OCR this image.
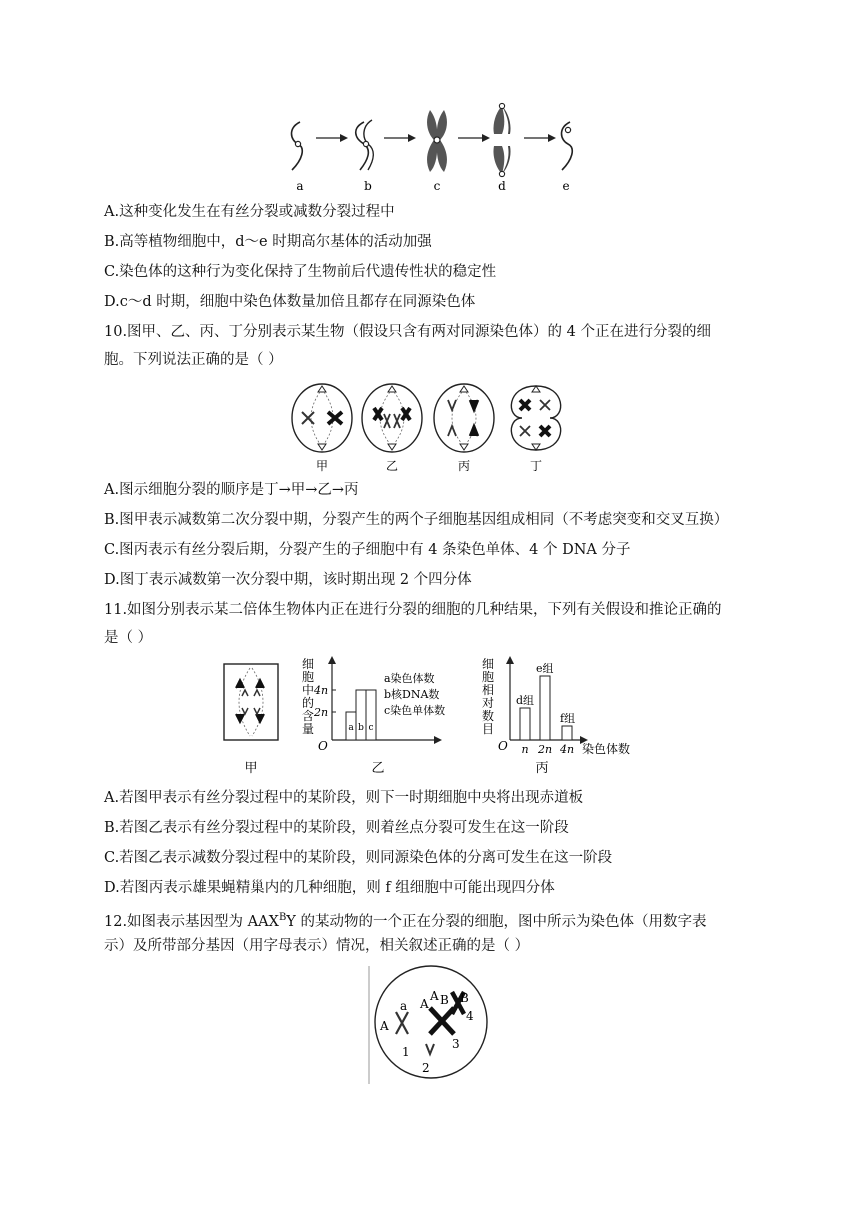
a	b	c	d	e
A.这种变化发生在有丝分裂或减数分裂过程中
B.高等植物细胞中，d～e 时期高尔基体的活动加强
C.染色体的这种行为变化保持了生物前后代遗传性状的稳定性
D.c～d 时期，细胞中染色体数量加倍且都存在同源染色体
10.图甲、乙、丙、丁分别表示某生物（假设只含有两对同源染色体）的 4 个正在进行分裂的细
胞。下列说法正确的是（ ）
甲	乙	丙	丁
A.图示细胞分裂的顺序是丁→甲→乙→丙
B.图甲表示减数第二次分裂中期，分裂产生的两个子细胞基因组成相同（不考虑突变和交叉互换）
C.图丙表示有丝分裂后期，分裂产生的子细胞中有 4 条染色单体、4 个 DNA 分子
D.图丁表示减数第一次分裂中期，该时期出现 2 个四分体
11.如图分别表示某二倍体生物体内正在进行分裂的细胞的几种结果，下列有关假设和推论正确的
是（ ）
甲
细
胞
中
的
含
量
4n
2n
O
a b c
a染色体数
b核DNA数
c染色单体数
乙
细
胞
相
对
数
目
O
d组
e组
f组
n 2n 4n 染色体数
丙
A.若图甲表示有丝分裂过程中的某阶段，则下一时期细胞中央将出现赤道板
B.若图乙表示有丝分裂过程中的某阶段，则着丝点分裂可发生在这一阶段
C.若图乙表示减数分裂过程中的某阶段，则同源染色体的分离可发生在这一阶段
D.若图丙表示雄果蝇精巢内的几种细胞，则 f 组细胞中可能出现四分体
12.如图表示基因型为 $AAX^BY$ 的某动物的一个正在分裂的细胞，图中所示为染色体（用数字表
示）及所带部分基因（用字母表示）情况，相关叙述正确的是（ ）
A
a
1
2
A
A
3
B B
4
